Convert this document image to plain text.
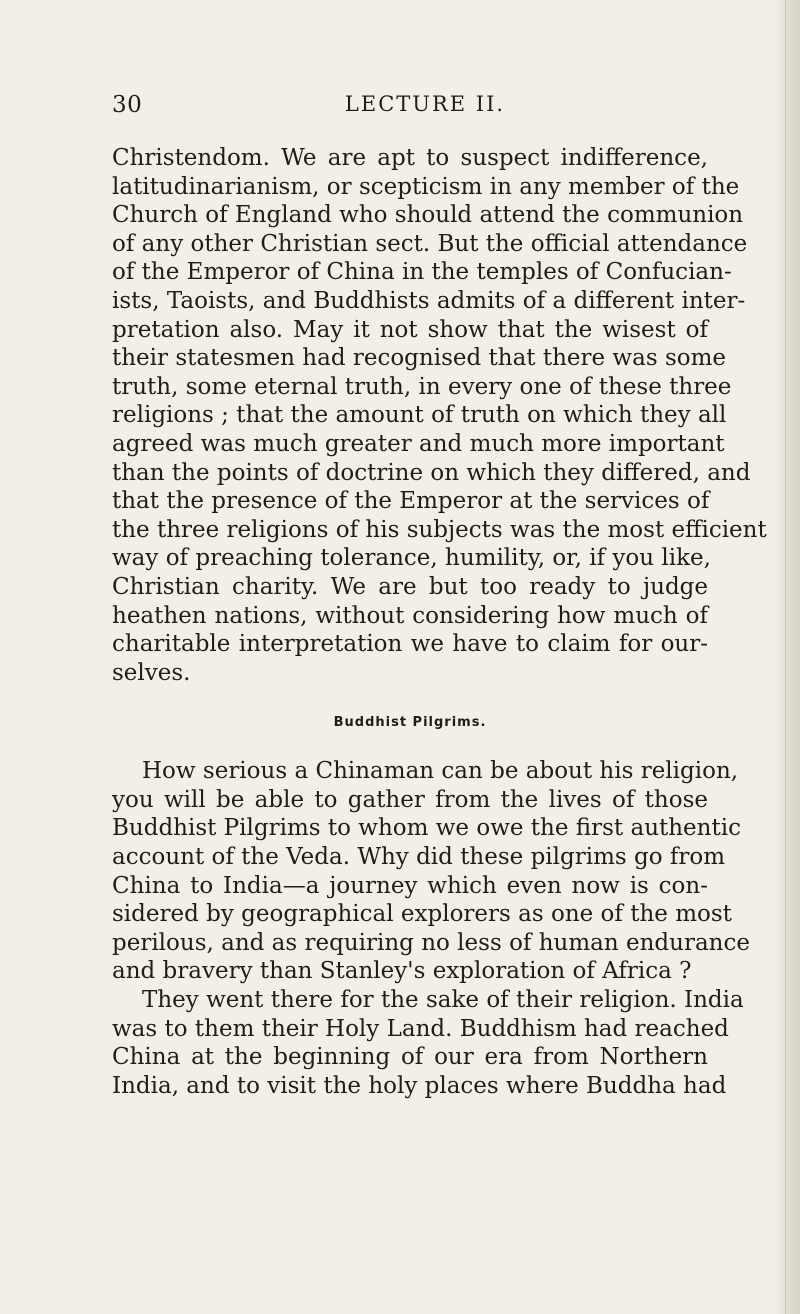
30	LECTURE II.
Christendom. We are apt to suspect indifference,
latitudinarianism, or scepticism in any member of the
Church of England who should attend the communion
of any other Christian sect. But the official attendance
of the Emperor of China in the temples of Confucian-
ists, Taoists, and Buddhists admits of a different inter-
pretation also. May it not show that the wisest of
their statesmen had recognised that there was some
truth, some eternal truth, in every one of these three
religions ; that the amount of truth on which they all
agreed was much greater and much more important
than the points of doctrine on which they differed, and
that the presence of the Emperor at the services of
the three religions of his subjects was the most efficient
way of preaching tolerance, humility, or, if you like,
Christian charity. We are but too ready to judge
heathen nations, without considering how much of
charitable interpretation we have to claim for our-
selves.
Buddhist Pilgrims.
How serious a Chinaman can be about his religion,
you will be able to gather from the lives of those
Buddhist Pilgrims to whom we owe the first authentic
account of the Veda. Why did these pilgrims go from
China to India—a journey which even now is con-
sidered by geographical explorers as one of the most
perilous, and as requiring no less of human endurance
and bravery than Stanley's exploration of Africa ?
They went there for the sake of their religion. India
was to them their Holy Land. Buddhism had reached
China at the beginning of our era from Northern
India, and to visit the holy places where Buddha had
